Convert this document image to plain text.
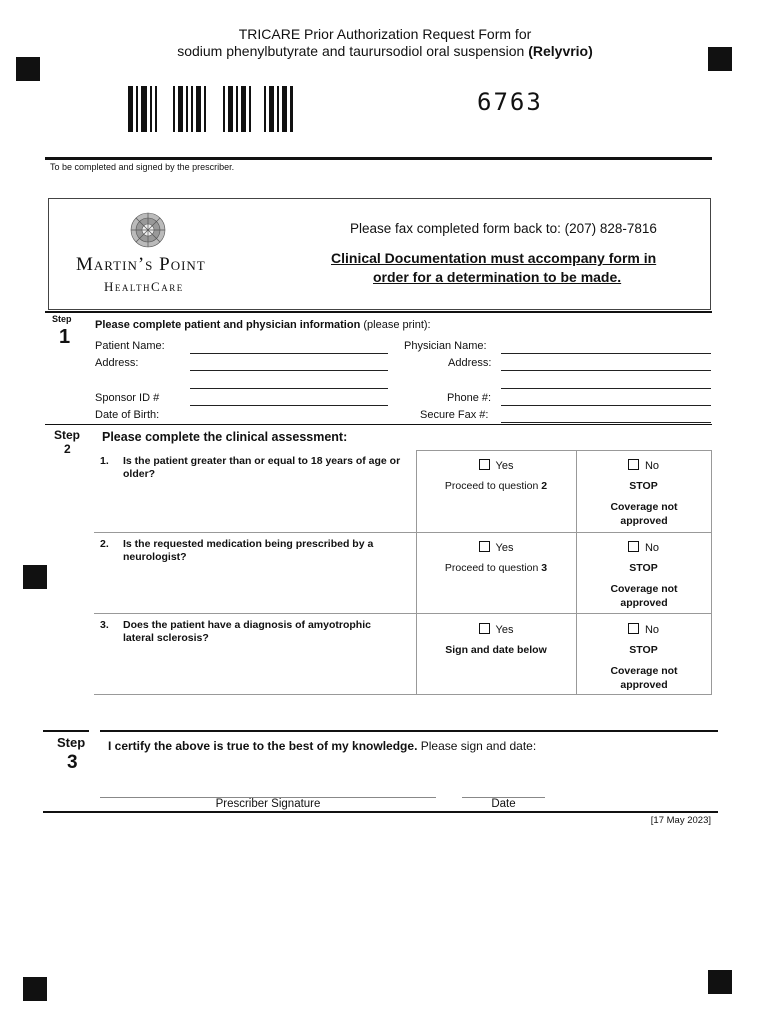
TRICARE Prior Authorization Request Form for
sodium phenylbutyrate and taurursodiol oral suspension (Relyvrio)
6763
To be completed and signed by the prescriber.
Martin’s Point
HealthCare
Please fax completed form back to: (207) 828-7816
Clinical Documentation must accompany form in
order for a determination to be made.
Step
1
Please complete patient and physician information (please print):
Patient Name:
Address:
Sponsor ID #
Date of Birth:
Physician Name:
Address:
Phone #:
Secure Fax #:
Step
2
Please complete the clinical assessment:
1. Is the patient greater than or equal to 18 years of age or older?
Yes
Proceed to question 2
No
STOP
Coverage not approved
2. Is the requested medication being prescribed by a neurologist?
Yes
Proceed to question 3
No
STOP
Coverage not approved
3. Does the patient have a diagnosis of amyotrophic lateral sclerosis?
Yes
Sign and date below
No
STOP
Coverage not approved
Step
3
I certify the above is true to the best of my knowledge. Please sign and date:
Prescriber Signature	Date
[17 May 2023]
